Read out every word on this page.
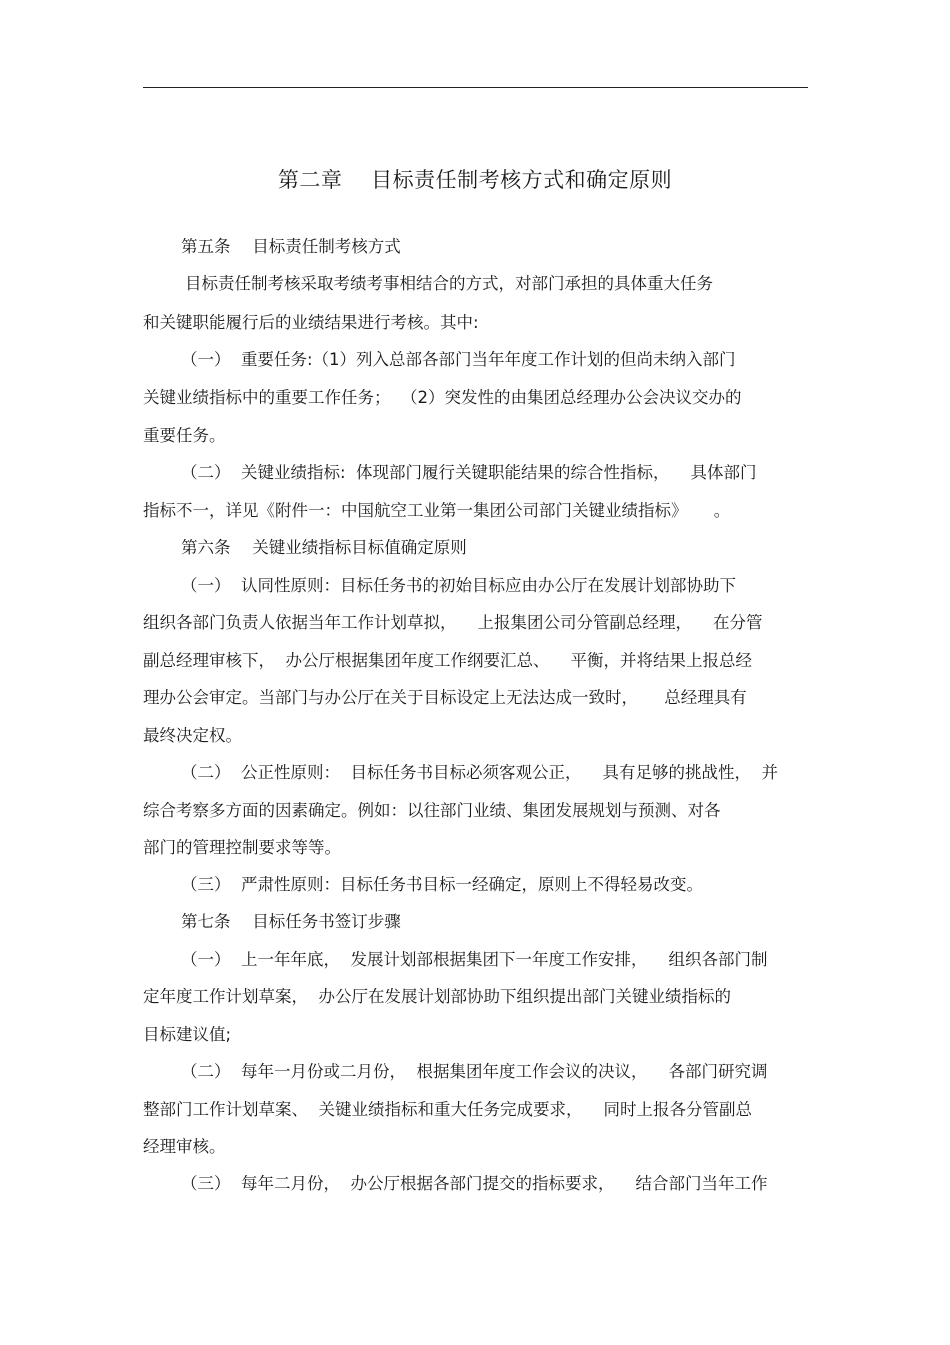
第二章　 目标责任制考核方式和确定原则

第五条　 目标责任制考核方式

目标责任制考核采取考绩考事相结合的方式，对部门承担的具体重大任务

和关键职能履行后的业绩结果进行考核。其中:

（一）  重要任务:（1）列入总部各部门当年年度工作计划的但尚未纳入部门

关键业绩指标中的重要工作任务；  （2）突发性的由集团总经理办公会决议交办的

重要任务。

（二）  关键业绩指标:  体现部门履行关键职能结果的综合性指标，    具体部门

指标不一，详见《附件一：中国航空工业第一集团公司部门关键业绩指标》     。

第六条　 关键业绩指标目标值确定原则

（一）  认同性原则：目标任务书的初始目标应由办公厅在发展计划部协助下

组织各部门负责人依据当年工作计划草拟，    上报集团公司分管副总经理，    在分管

副总经理审核下，  办公厅根据集团年度工作纲要汇总、    平衡，并将结果上报总经

理办公会审定。当部门与办公厅在关于目标设定上无法达成一致时，     总经理具有

最终决定权。

（二）  公正性原则：  目标任务书目标必须客观公正，    具有足够的挑战性，  并

综合考察多方面的因素确定。例如：以往部门业绩、集团发展规划与预测、对各

部门的管理控制要求等等。

（三）  严肃性原则：目标任务书目标一经确定，原则上不得轻易改变。

第七条　 目标任务书签订步骤

（一）  上一年年底，  发展计划部根据集团下一年度工作安排，    组织各部门制

定年度工作计划草案，  办公厅在发展计划部协助下组织提出部门关键业绩指标的

目标建议值;

（二）  每年一月份或二月份，  根据集团年度工作会议的决议，    各部门研究调

整部门工作计划草案、  关键业绩指标和重大任务完成要求，    同时上报各分管副总

经理审核。

（三）  每年二月份，  办公厅根据各部门提交的指标要求，    结合部门当年工作
